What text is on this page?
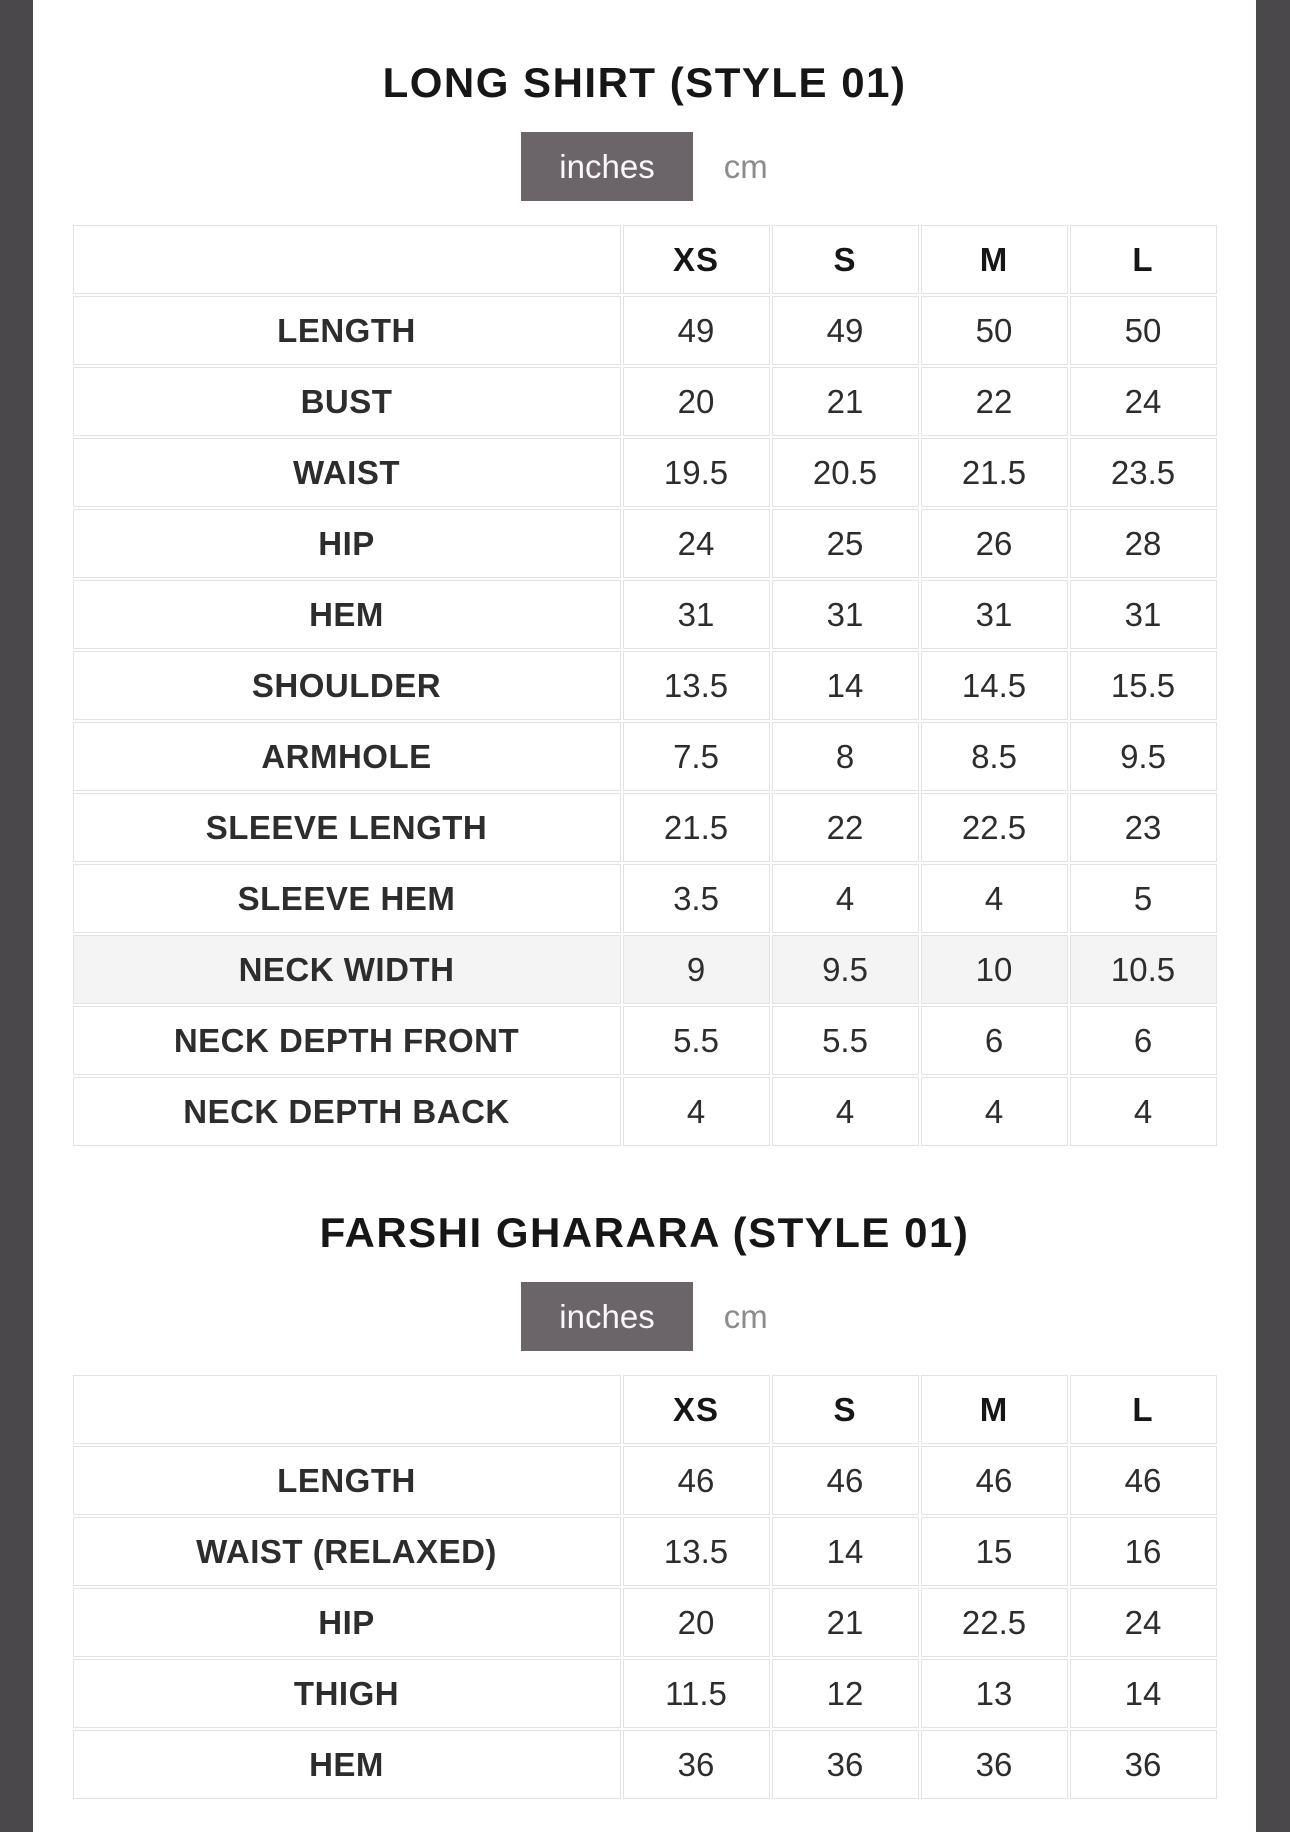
LONG SHIRT (STYLE 01)
inches	cm
	XS	S	M	L
LENGTH	49	49	50	50
BUST	20	21	22	24
WAIST	19.5	20.5	21.5	23.5
HIP	24	25	26	28
HEM	31	31	31	31
SHOULDER	13.5	14	14.5	15.5
ARMHOLE	7.5	8	8.5	9.5
SLEEVE LENGTH	21.5	22	22.5	23
SLEEVE HEM	3.5	4	4	5
NECK WIDTH	9	9.5	10	10.5
NECK DEPTH FRONT	5.5	5.5	6	6
NECK DEPTH BACK	4	4	4	4
FARSHI GHARARA (STYLE 01)
inches	cm
	XS	S	M	L
LENGTH	46	46	46	46
WAIST (RELAXED)	13.5	14	15	16
HIP	20	21	22.5	24
THIGH	11.5	12	13	14
HEM	36	36	36	36
